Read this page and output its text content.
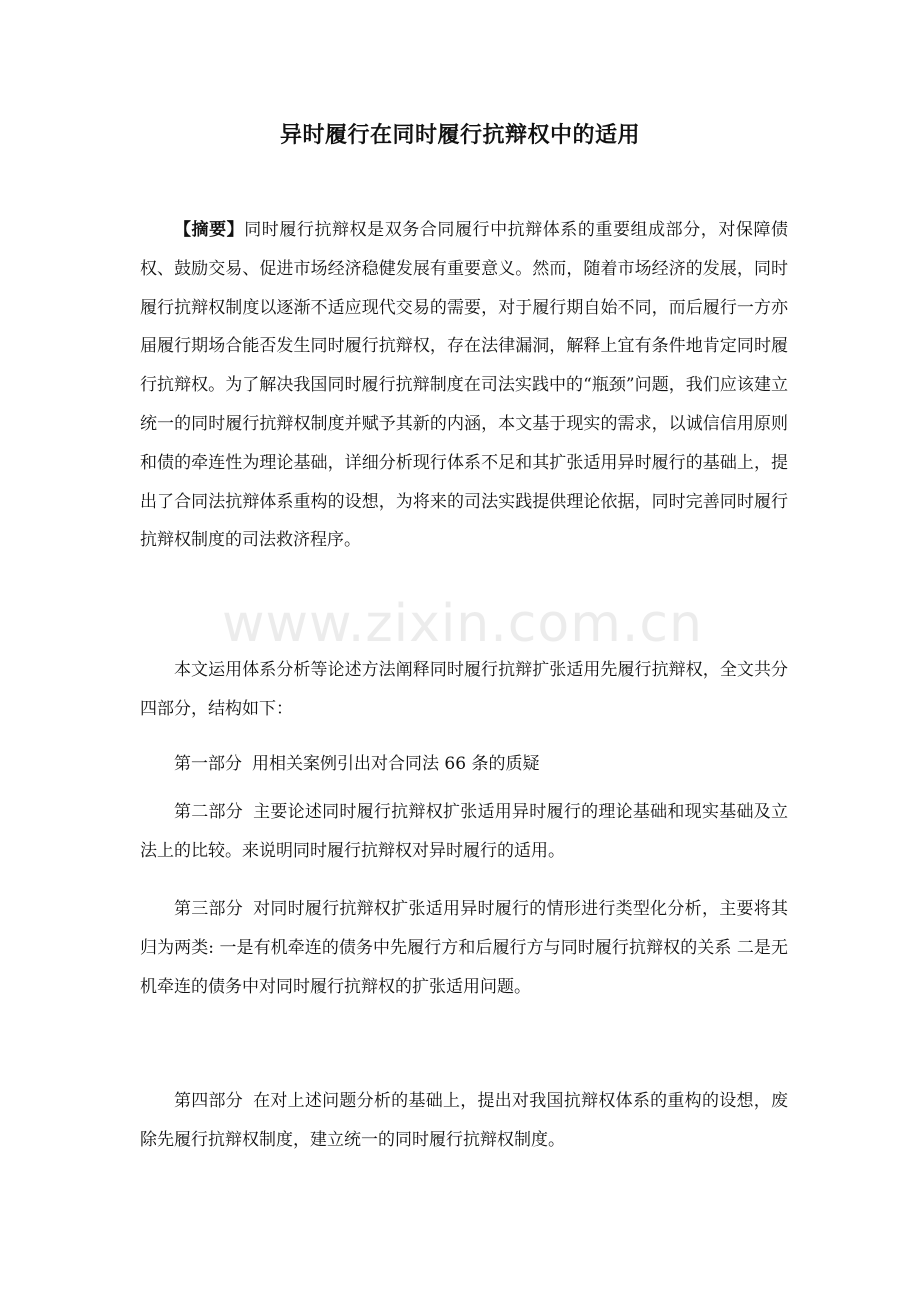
异时履行在同时履行抗辩权中的适用

【摘要】同时履行抗辩权是双务合同履行中抗辩体系的重要组成部分，对保障债权、鼓励交易、促进市场经济稳健发展有重要意义。然而，随着市场经济的发展，同时履行抗辩权制度以逐渐不适应现代交易的需要，对于履行期自始不同，而后履行一方亦届履行期场合能否发生同时履行抗辩权，存在法律漏洞，解释上宜有条件地肯定同时履行抗辩权。为了解决我国同时履行抗辩制度在司法实践中的“瓶颈”问题，我们应该建立统一的同时履行抗辩权制度并赋予其新的内涵，本文基于现实的需求，以诚信信用原则和债的牵连性为理论基础，详细分析现行体系不足和其扩张适用异时履行的基础上，提出了合同法抗辩体系重构的设想，为将来的司法实践提供理论依据，同时完善同时履行抗辩权制度的司法救济程序。

本文运用体系分析等论述方法阐释同时履行抗辩扩张适用先履行抗辩权，全文共分四部分，结构如下：

第一部分 用相关案例引出对合同法 66 条的质疑

第二部分 主要论述同时履行抗辩权扩张适用异时履行的理论基础和现实基础及立法上的比较。来说明同时履行抗辩权对异时履行的适用。

第三部分 对同时履行抗辩权扩张适用异时履行的情形进行类型化分析，主要将其归为两类: 一是有机牵连的债务中先履行方和后履行方与同时履行抗辩权的关系 二是无机牵连的债务中对同时履行抗辩权的扩张适用问题。

第四部分 在对上述问题分析的基础上，提出对我国抗辩权体系的重构的设想，废除先履行抗辩权制度，建立统一的同时履行抗辩权制度。

www.zixin.com.cn
